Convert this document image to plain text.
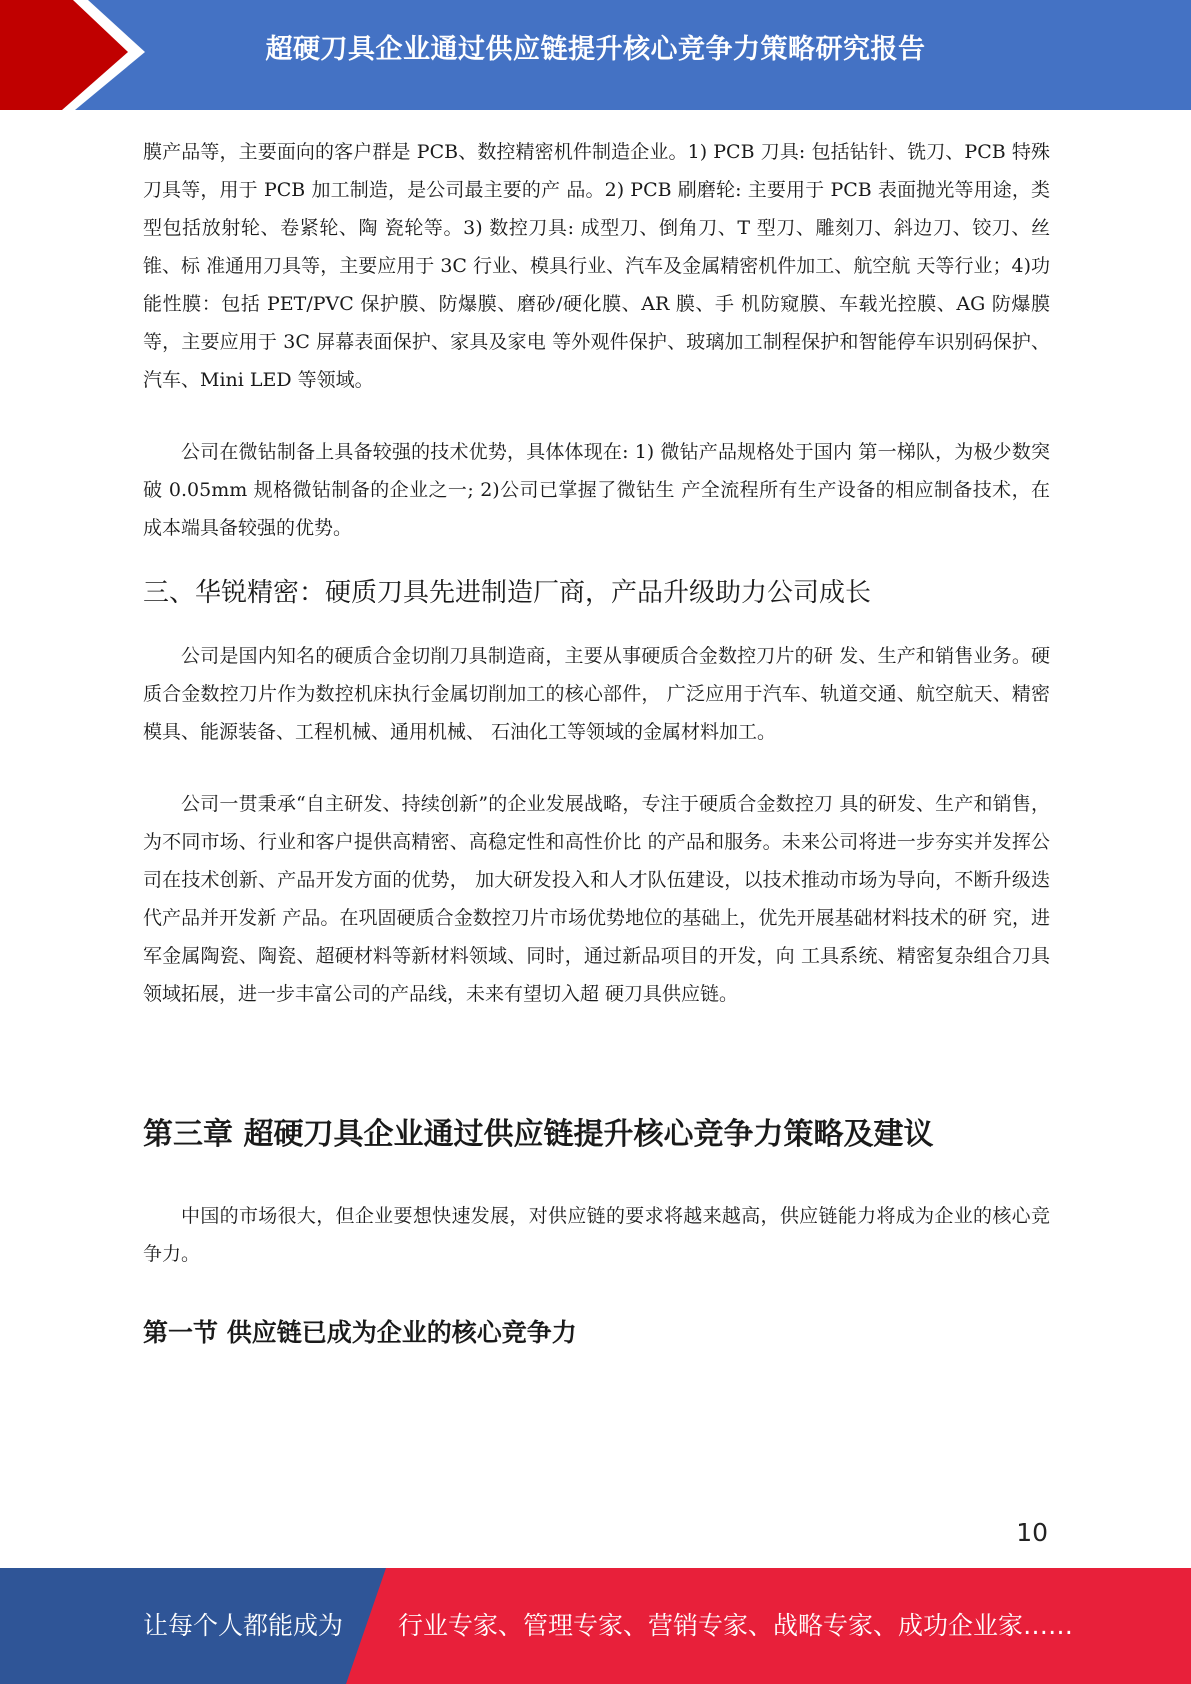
超硬刀具企业通过供应链提升核心竞争力策略研究报告

膜产品等，主要面向的客户群是 PCB、数控精密机件制造企业。1) PCB 刀具: 包括钻针、铣刀、PCB 特殊刀具等，用于 PCB 加工制造，是公司最主要的产 品。2) PCB 刷磨轮: 主要用于 PCB 表面抛光等用途，类型包括放射轮、卷紧轮、陶 瓷轮等。3) 数控刀具: 成型刀、倒角刀、T 型刀、雕刻刀、斜边刀、铰刀、丝锥、标 准通用刀具等，主要应用于 3C 行业、模具行业、汽车及金属精密机件加工、航空航 天等行业；4)功能性膜：包括 PET/PVC 保护膜、防爆膜、磨砂/硬化膜、AR 膜、手 机防窥膜、车载光控膜、AG 防爆膜等，主要应用于 3C 屏幕表面保护、家具及家电 等外观件保护、玻璃加工制程保护和智能停车识别码保护、汽车、Mini LED 等领域。

公司在微钻制备上具备较强的技术优势，具体体现在: 1) 微钻产品规格处于国内 第一梯队，为极少数突破 0.05mm 规格微钻制备的企业之一; 2)公司已掌握了微钻生 产全流程所有生产设备的相应制备技术，在成本端具备较强的优势。

三、华锐精密：硬质刀具先进制造厂商，产品升级助力公司成长

公司是国内知名的硬质合金切削刀具制造商，主要从事硬质合金数控刀片的研 发、生产和销售业务。硬质合金数控刀片作为数控机床执行金属切削加工的核心部件， 广泛应用于汽车、轨道交通、航空航天、精密模具、能源装备、工程机械、通用机械、 石油化工等领域的金属材料加工。

公司一贯秉承“自主研发、持续创新”的企业发展战略，专注于硬质合金数控刀 具的研发、生产和销售，为不同市场、行业和客户提供高精密、高稳定性和高性价比 的产品和服务。未来公司将进一步夯实并发挥公司在技术创新、产品开发方面的优势， 加大研发投入和人才队伍建设，以技术推动市场为导向，不断升级迭代产品并开发新 产品。在巩固硬质合金数控刀片市场优势地位的基础上，优先开展基础材料技术的研 究，进军金属陶瓷、陶瓷、超硬材料等新材料领域、同时，通过新品项目的开发，向 工具系统、精密复杂组合刀具领域拓展，进一步丰富公司的产品线，未来有望切入超 硬刀具供应链。

第三章 超硬刀具企业通过供应链提升核心竞争力策略及建议

中国的市场很大，但企业要想快速发展，对供应链的要求将越来越高，供应链能力将成为企业的核心竞争力。

第一节 供应链已成为企业的核心竞争力
10
让每个人都能成为 行业专家、管理专家、营销专家、战略专家、成功企业家……
